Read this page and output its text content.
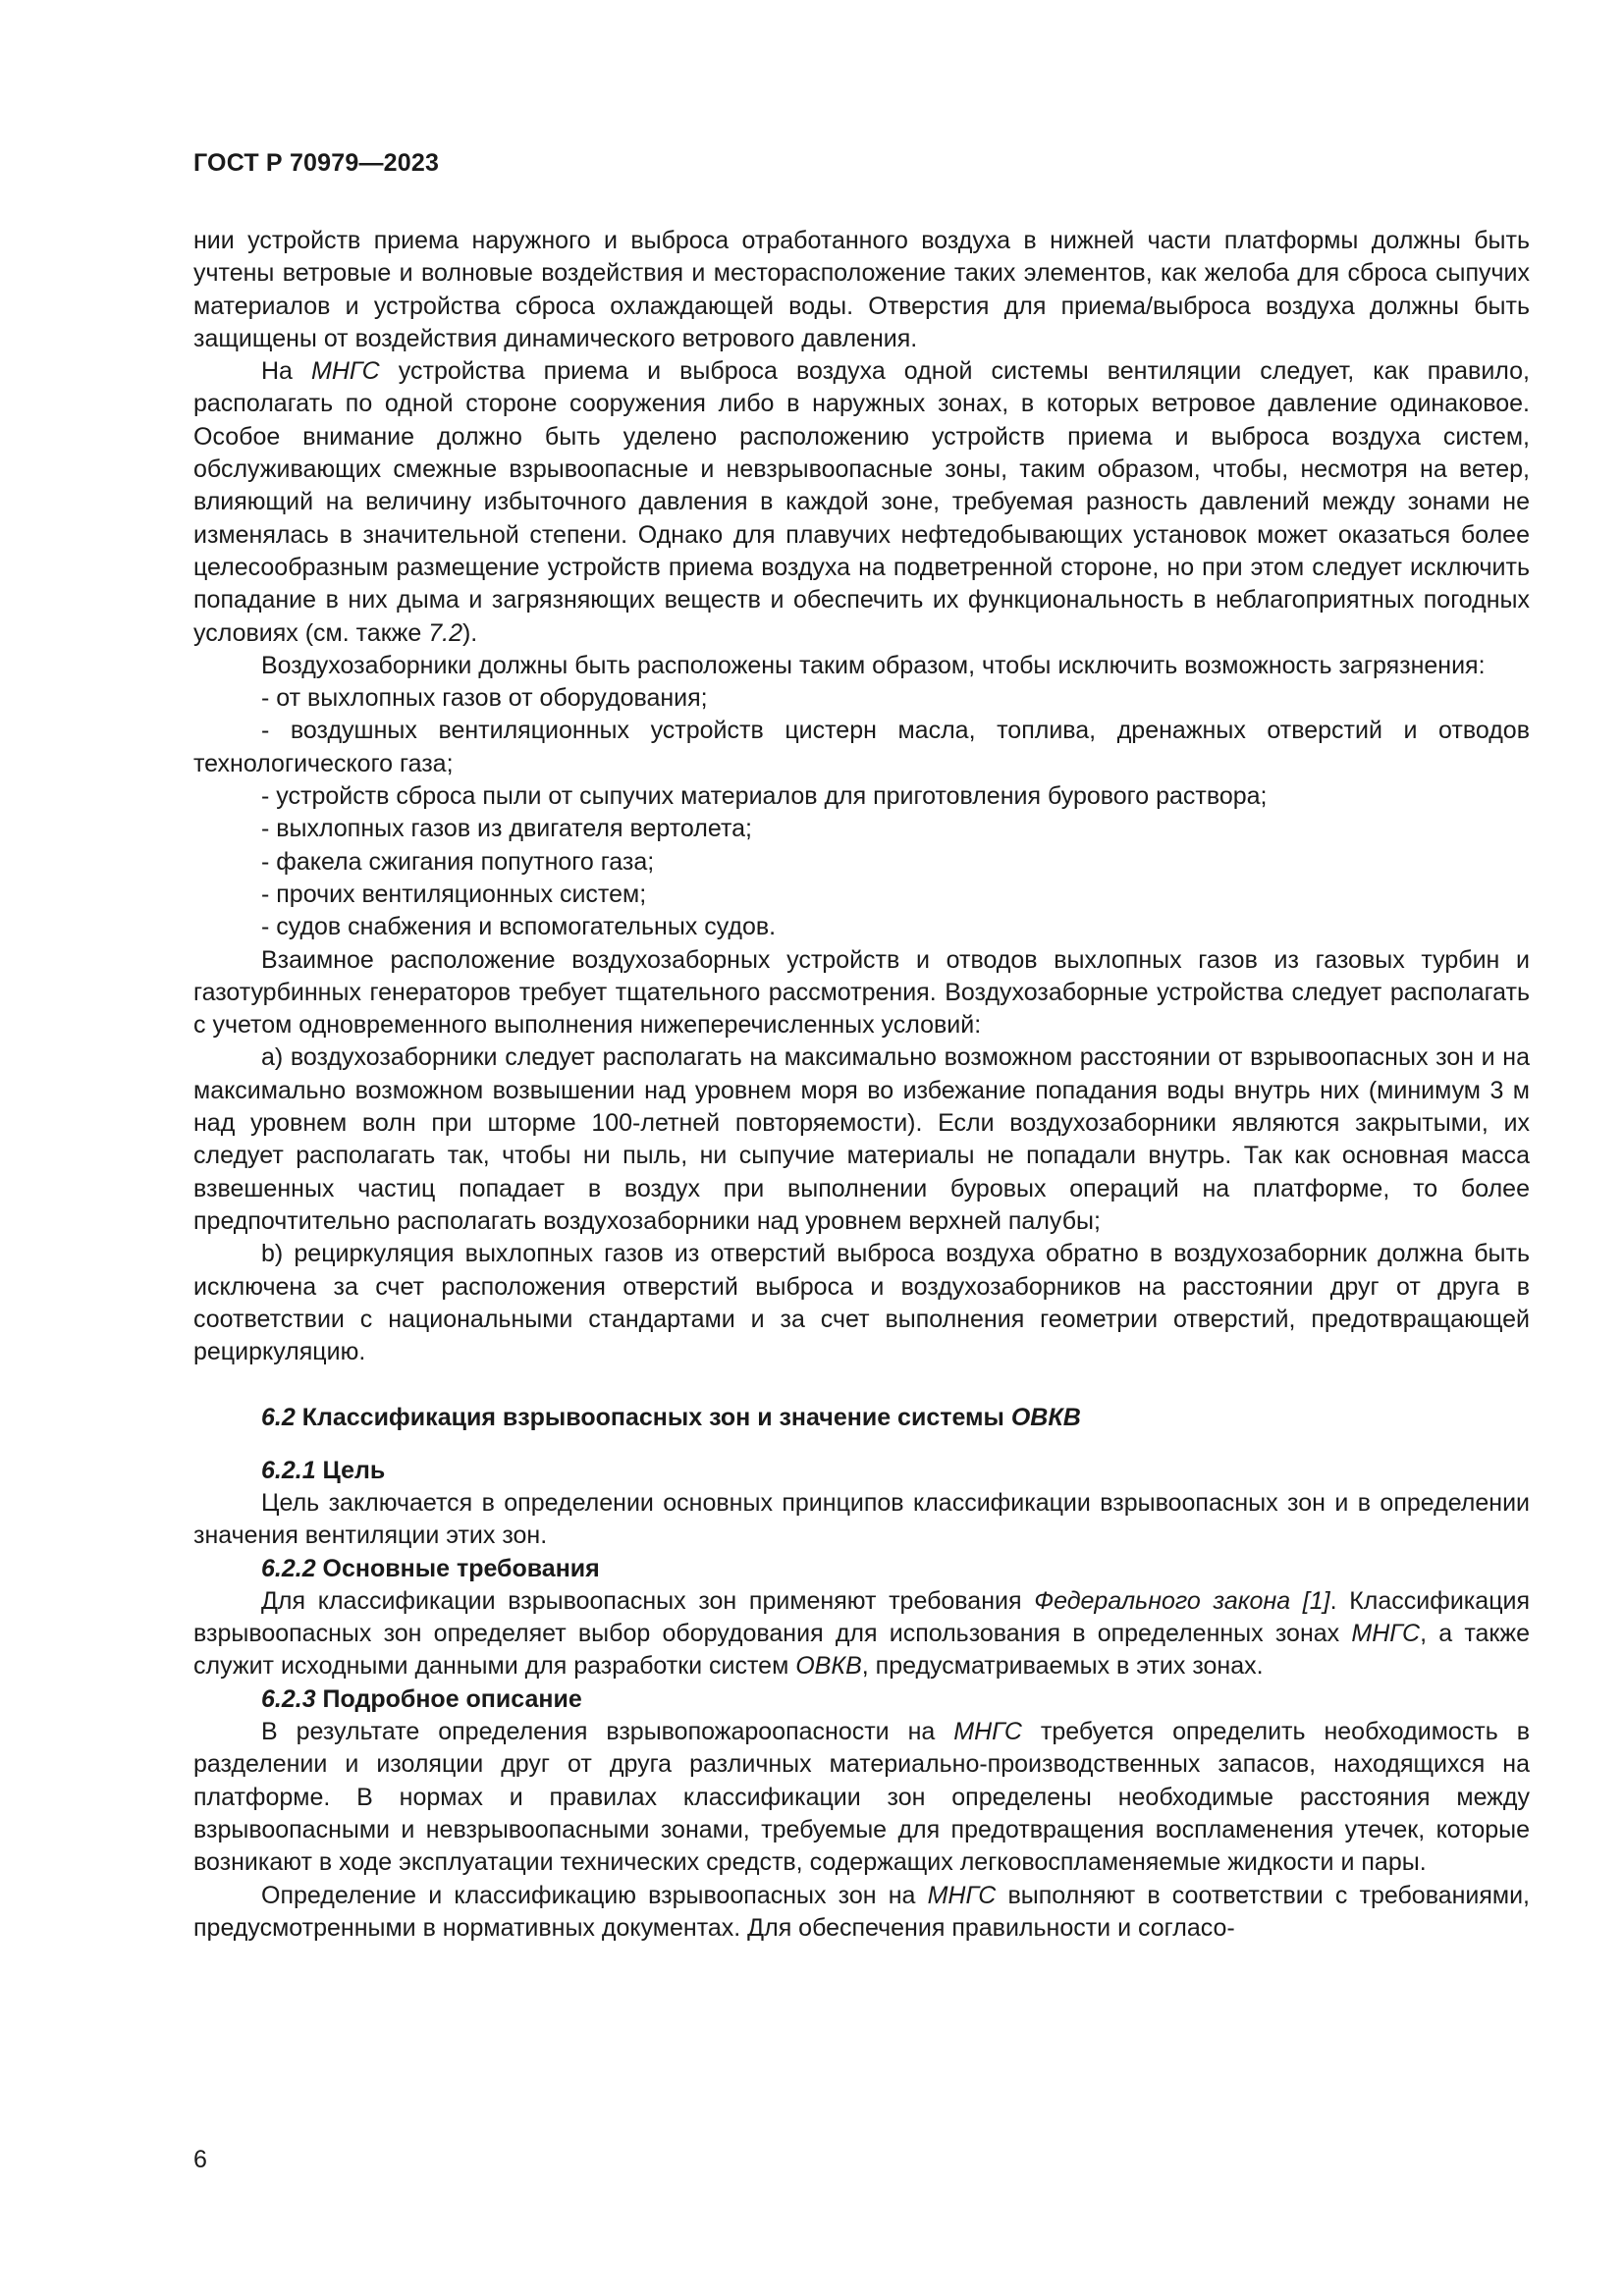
ГОСТ Р 70979—2023

нии устройств приема наружного и выброса отработанного воздуха в нижней части платформы должны быть учтены ветровые и волновые воздействия и месторасположение таких элементов, как желоба для сброса сыпучих материалов и устройства сброса охлаждающей воды. Отверстия для приема/выброса воздуха должны быть защищены от воздействия динамического ветрового давления.

На МНГС устройства приема и выброса воздуха одной системы вентиляции следует, как правило, располагать по одной стороне сооружения либо в наружных зонах, в которых ветровое давление одинаковое. Особое внимание должно быть уделено расположению устройств приема и выброса воздуха систем, обслуживающих смежные взрывоопасные и невзрывоопасные зоны, таким образом, чтобы, несмотря на ветер, влияющий на величину избыточного давления в каждой зоне, требуемая разность давлений между зонами не изменялась в значительной степени. Однако для плавучих нефтедобывающих установок может оказаться более целесообразным размещение устройств приема воздуха на подветренной стороне, но при этом следует исключить попадание в них дыма и загрязняющих веществ и обеспечить их функциональность в неблагоприятных погодных условиях (см. также 7.2).

Воздухозаборники должны быть расположены таким образом, чтобы исключить возможность загрязнения:

- от выхлопных газов от оборудования;

- воздушных вентиляционных устройств цистерн масла, топлива, дренажных отверстий и отводов технологического газа;

- устройств сброса пыли от сыпучих материалов для приготовления бурового раствора;

- выхлопных газов из двигателя вертолета;

- факела сжигания попутного газа;

- прочих вентиляционных систем;

- судов снабжения и вспомогательных судов.

Взаимное расположение воздухозаборных устройств и отводов выхлопных газов из газовых турбин и газотурбинных генераторов требует тщательного рассмотрения. Воздухозаборные устройства следует располагать с учетом одновременного выполнения нижеперечисленных условий:

а) воздухозаборники следует располагать на максимально возможном расстоянии от взрывоопасных зон и на максимально возможном возвышении над уровнем моря во избежание попадания воды внутрь них (минимум 3 м над уровнем волн при шторме 100-летней повторяемости). Если воздухозаборники являются закрытыми, их следует располагать так, чтобы ни пыль, ни сыпучие материалы не попадали внутрь. Так как основная масса взвешенных частиц попадает в воздух при выполнении буровых операций на платформе, то более предпочтительно располагать воздухозаборники над уровнем верхней палубы;

b) рециркуляция выхлопных газов из отверстий выброса воздуха обратно в воздухозаборник должна быть исключена за счет расположения отверстий выброса и воздухозаборников на расстоянии друг от друга в соответствии с национальными стандартами и за счет выполнения геометрии отверстий, предотвращающей рециркуляцию.

6.2 Классификация взрывоопасных зон и значение системы ОВКВ

6.2.1 Цель

Цель заключается в определении основных принципов классификации взрывоопасных зон и в определении значения вентиляции этих зон.

6.2.2 Основные требования

Для классификации взрывоопасных зон применяют требования Федерального закона [1]. Классификация взрывоопасных зон определяет выбор оборудования для использования в определенных зонах МНГС, а также служит исходными данными для разработки систем ОВКВ, предусматриваемых в этих зонах.

6.2.3 Подробное описание

В результате определения взрывопожароопасности на МНГС требуется определить необходимость в разделении и изоляции друг от друга различных материально-производственных запасов, находящихся на платформе. В нормах и правилах классификации зон определены необходимые расстояния между взрывоопасными и невзрывоопасными зонами, требуемые для предотвращения воспламенения утечек, которые возникают в ходе эксплуатации технических средств, содержащих легковоспламеняемые жидкости и пары.

Определение и классификацию взрывоопасных зон на МНГС выполняют в соответствии с требованиями, предусмотренными в нормативных документах. Для обеспечения правильности и согласо-

6
